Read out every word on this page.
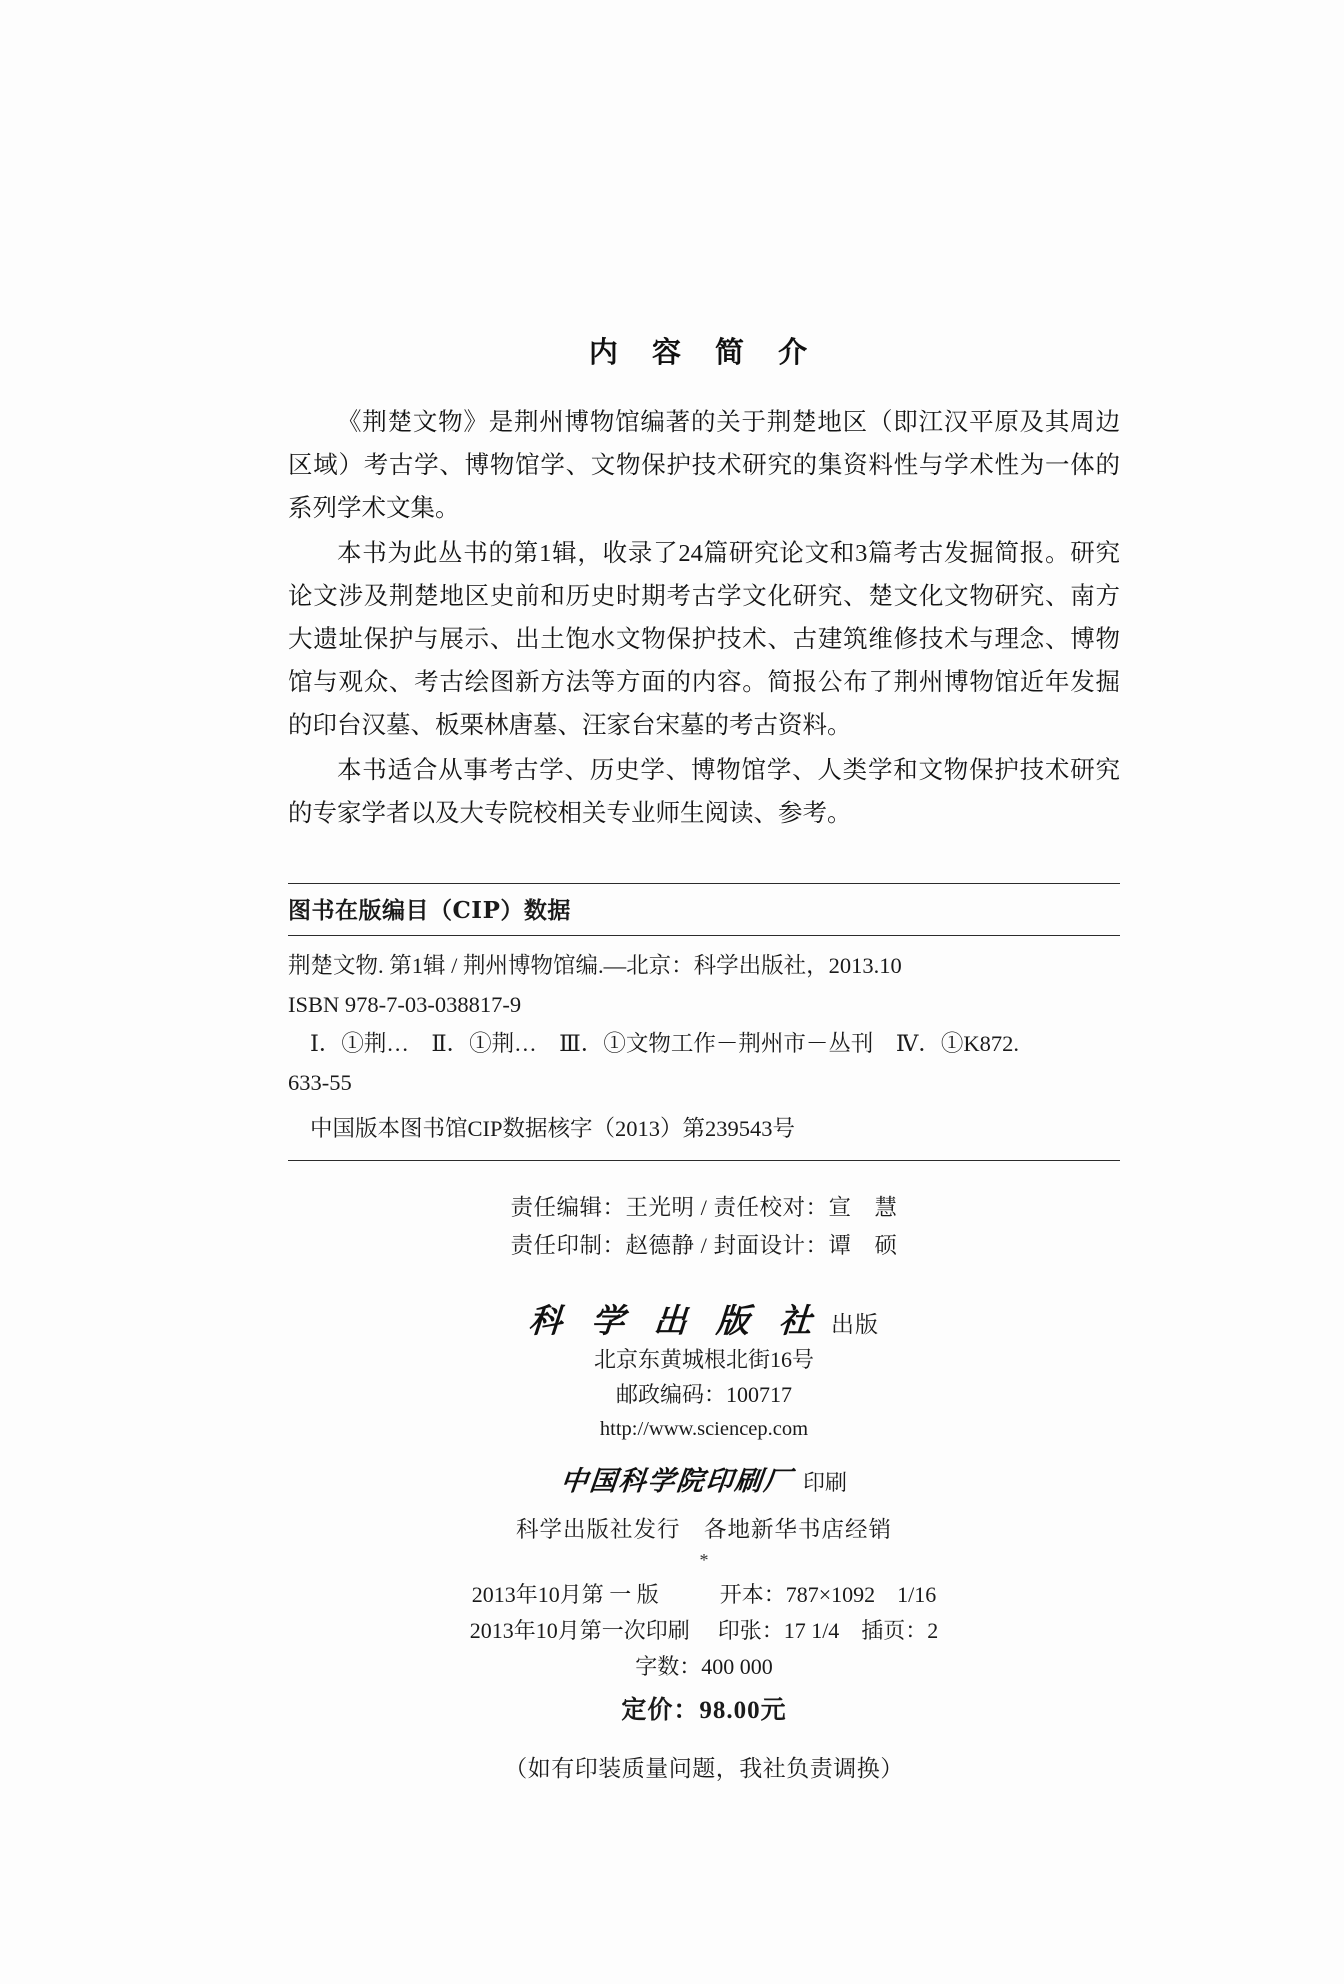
内 容 简 介

《荆楚文物》是荆州博物馆编著的关于荆楚地区（即江汉平原及其周边区域）考古学、博物馆学、文物保护技术研究的集资料性与学术性为一体的系列学术文集。

本书为此丛书的第1辑，收录了24篇研究论文和3篇考古发掘简报。研究论文涉及荆楚地区史前和历史时期考古学文化研究、楚文化文物研究、南方大遗址保护与展示、出土饱水文物保护技术、古建筑维修技术与理念、博物馆与观众、考古绘图新方法等方面的内容。简报公布了荆州博物馆近年发掘的印台汉墓、板栗林唐墓、汪家台宋墓的考古资料。

本书适合从事考古学、历史学、博物馆学、人类学和文物保护技术研究的专家学者以及大专院校相关专业师生阅读、参考。

图书在版编目（CIP）数据
荆楚文物. 第1辑 / 荆州博物馆编.—北京：科学出版社，2013.10
ISBN 978-7-03-038817-9
Ⅰ．①荆…　Ⅱ．①荆…　Ⅲ．①文物工作－荆州市－丛刊　Ⅳ．①K872.
633-55
中国版本图书馆CIP数据核字（2013）第239543号
责任编辑：王光明 / 责任校对：宣　慧
责任印制：赵德静 / 封面设计：谭　硕
科 学 出 版 社 出版
北京东黄城根北街16号
邮政编码：100717
http://www.sciencep.com
中国科学院印刷厂 印刷
科学出版社发行　各地新华书店经销
*
2013年10月第 一 版	开本：787×1092　1/16
2013年10月第一次印刷	印张：17 1/4　插页：2
字数：400 000
定价：98.00元
（如有印装质量问题，我社负责调换）
